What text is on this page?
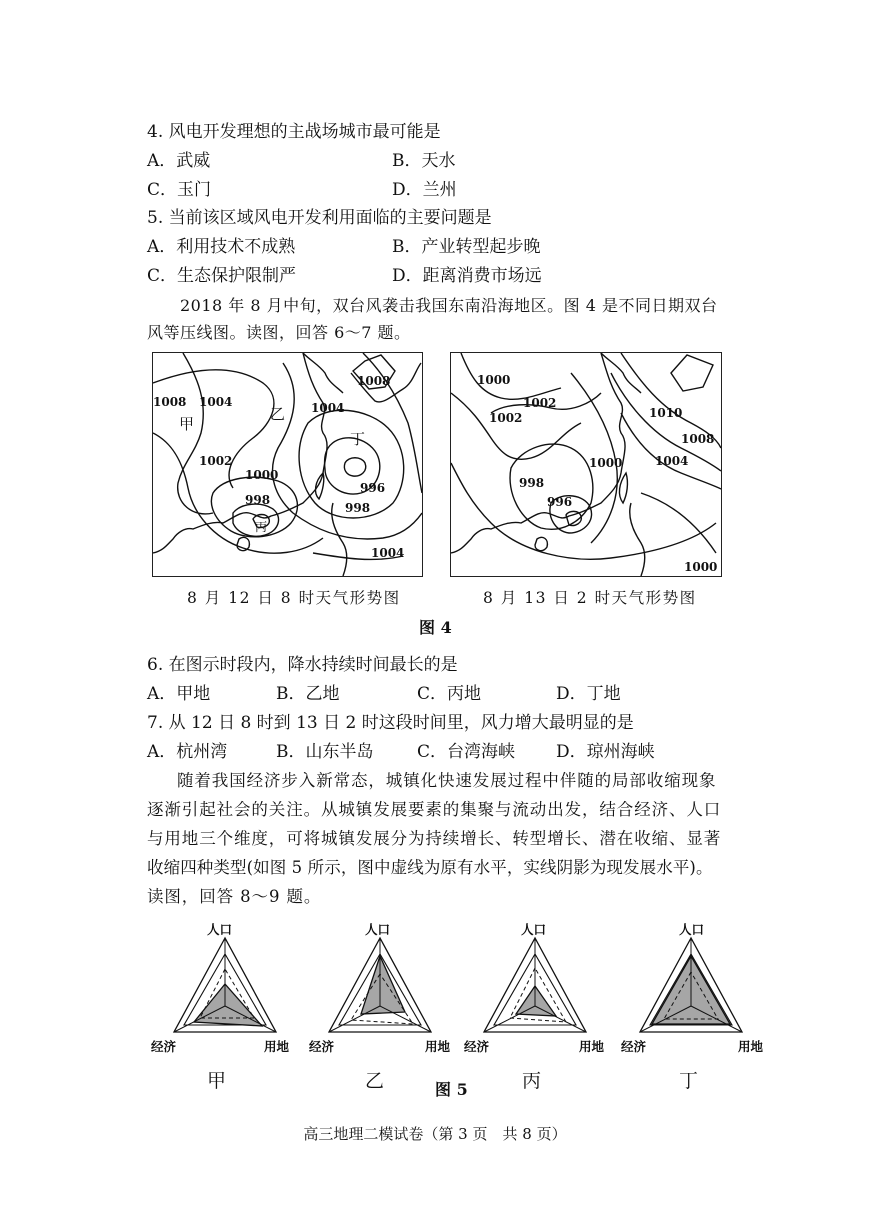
4. 风电开发理想的主战场城市最可能是
A．武威	B．天水
C．玉门	D．兰州
5. 当前该区域风电开发利用面临的主要问题是
A．利用技术不成熟	B．产业转型起步晚
C．生态保护限制严	D．距离消费市场远
2018 年 8 月中旬，双台风袭击我国东南沿海地区。图 4 是不同日期双台
风等压线图。读图，回答 6～7 题。
1008 1004
1002
1000
998
1004
996
998
1008
1004
甲
乙
丙
丁
1000
1002
1002
998
996
1000
1010
1008
1004
1000
8 月 12 日 8 时天气形势图	8 月 13 日 2 时天气形势图
图 4
6. 在图示时段内，降水持续时间最长的是
A．甲地	B．乙地	C．丙地	D．丁地
7. 从 12 日 8 时到 13 日 2 时这段时间里，风力增大最明显的是
A．杭州湾	B．山东半岛	C．台湾海峡 D．琼州海峡
随着我国经济步入新常态，城镇化快速发展过程中伴随的局部收缩现象
逐渐引起社会的关注。从城镇发展要素的集聚与流动出发，结合经济、人口
与用地三个维度，可将城镇发展分为持续增长、转型增长、潜在收缩、显著
收缩四种类型(如图 5 所示，图中虚线为原有水平，实线阴影为现发展水平)。
读图，回答 8～9 题。
人口
经济	用地
人口
经济	用地
人口
经济	用地
人口
经济	用地
甲	乙	丙	丁
图 5
高三地理二模试卷（第 3 页　共 8 页）
